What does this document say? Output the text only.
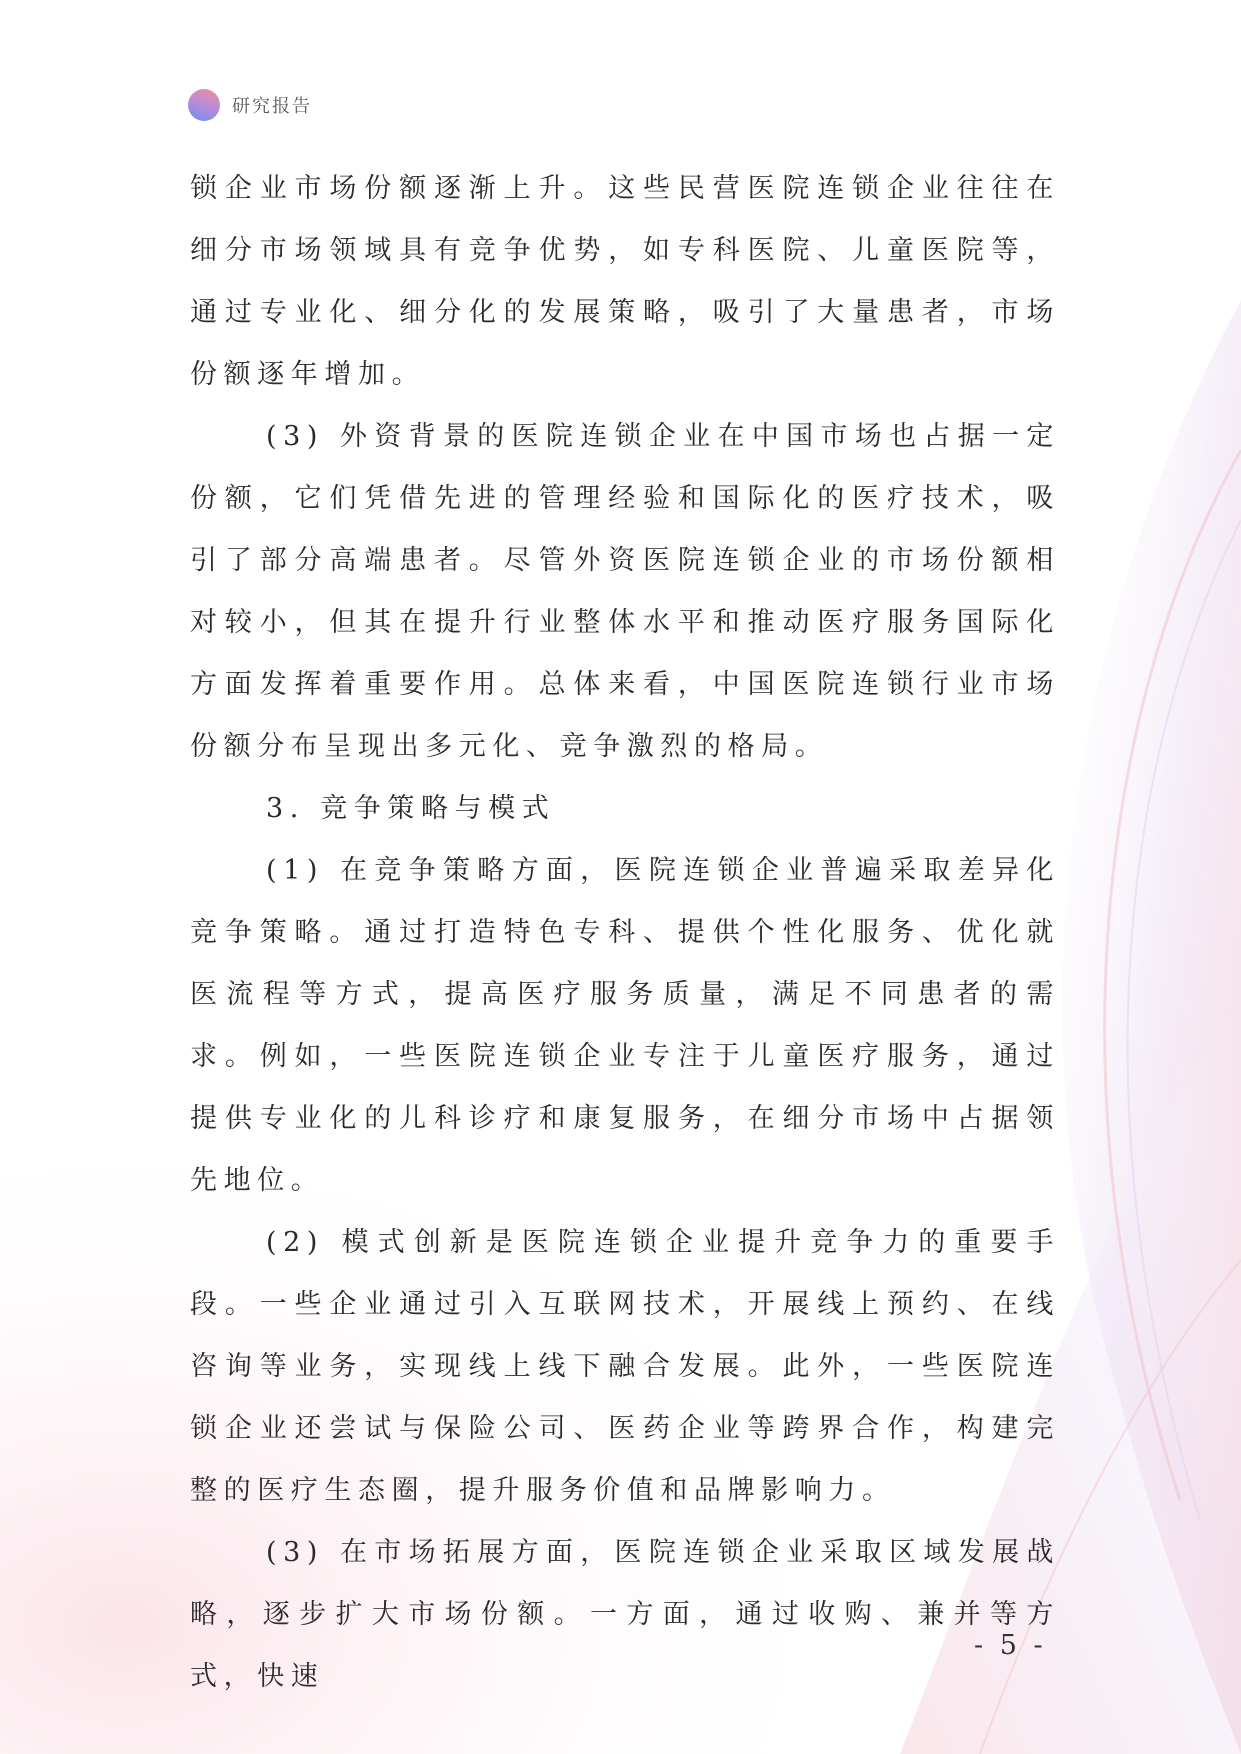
研究报告

锁企业市场份额逐渐上升。这些民营医院连锁企业往往在细分市场领域具有竞争优势，如专科医院、儿童医院等，通过专业化、细分化的发展策略，吸引了大量患者，市场份额逐年增加。

(3) 外资背景的医院连锁企业在中国市场也占据一定份额，它们凭借先进的管理经验和国际化的医疗技术，吸引了部分高端患者。尽管外资医院连锁企业的市场份额相对较小，但其在提升行业整体水平和推动医疗服务国际化方面发挥着重要作用。总体来看，中国医院连锁行业市场份额分布呈现出多元化、竞争激烈的格局。

3. 竞争策略与模式

(1) 在竞争策略方面，医院连锁企业普遍采取差异化竞争策略。通过打造特色专科、提供个性化服务、优化就医流程等方式，提高医疗服务质量，满足不同患者的需求。例如，一些医院连锁企业专注于儿童医疗服务，通过提供专业化的儿科诊疗和康复服务，在细分市场中占据领先地位。

(2) 模式创新是医院连锁企业提升竞争力的重要手段。一些企业通过引入互联网技术，开展线上预约、在线咨询等业务，实现线上线下融合发展。此外，一些医院连锁企业还尝试与保险公司、医药企业等跨界合作，构建完整的医疗生态圈，提升服务价值和品牌影响力。

(3) 在市场拓展方面，医院连锁企业采取区域发展战略，逐步扩大市场份额。一方面，通过收购、兼并等方式，快速

- 5 -
